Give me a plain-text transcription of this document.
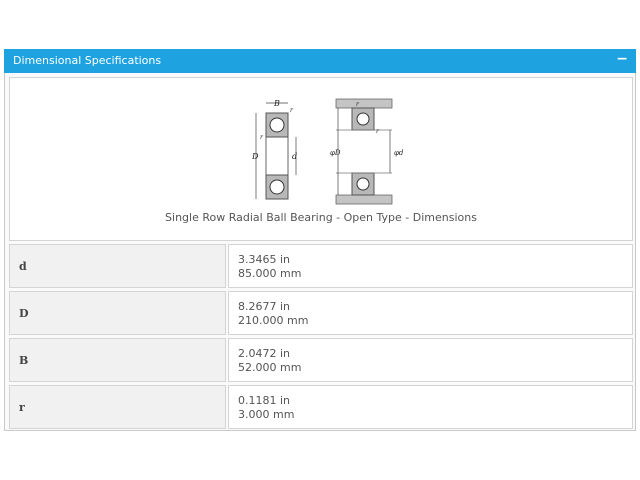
Dimensional Specifications	−
B
r
r
D	d
r
r
φD	φd
Single Row Radial Ball Bearing - Open Type - Dimensions
d
3.3465 in
85.000 mm
D
8.2677 in
210.000 mm
B
2.0472 in
52.000 mm
r
0.1181 in
3.000 mm
